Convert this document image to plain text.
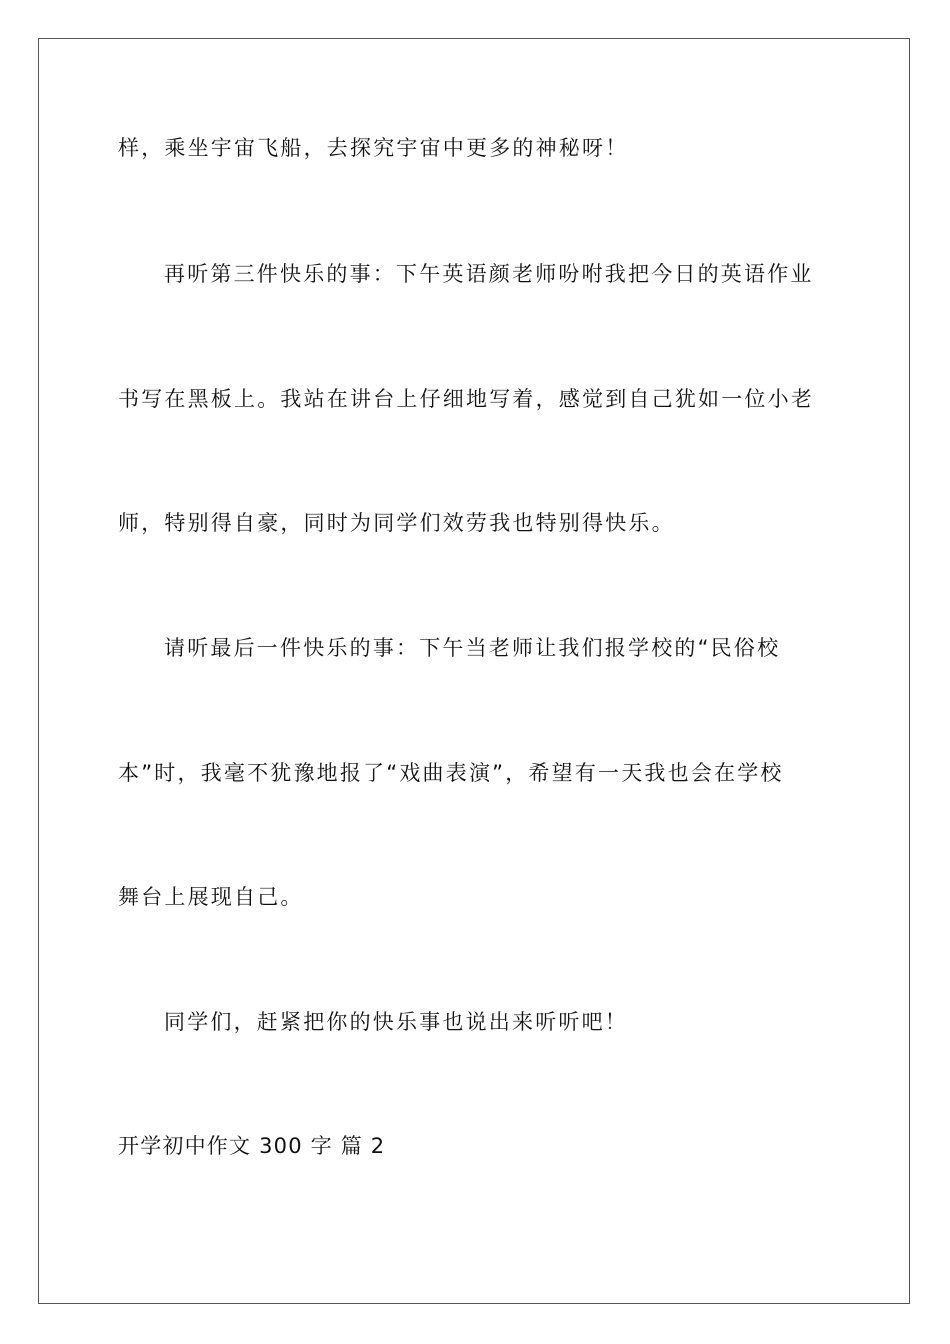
样，乘坐宇宙飞船，去探究宇宙中更多的神秘呀！
再听第三件快乐的事：下午英语颜老师吩咐我把今日的英语作业
书写在黑板上。我站在讲台上仔细地写着，感觉到自己犹如一位小老
师，特别得自豪，同时为同学们效劳我也特别得快乐。
请听最后一件快乐的事：下午当老师让我们报学校的“民俗校
本”时，我毫不犹豫地报了“戏曲表演”，希望有一天我也会在学校
舞台上展现自己。
同学们，赶紧把你的快乐事也说出来听听吧！
开学初中作文 300 字 篇 2
